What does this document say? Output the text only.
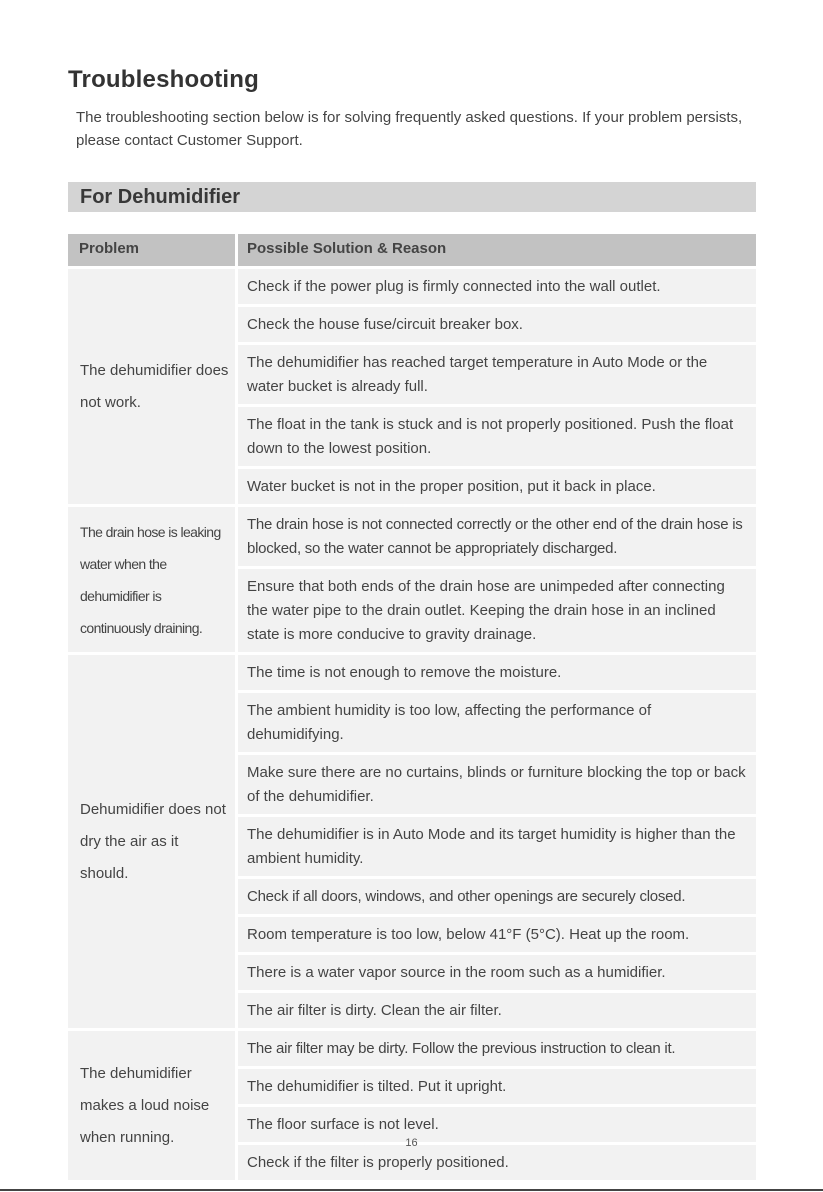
Troubleshooting
The troubleshooting section below is for solving frequently asked questions. If your problem persists, please contact Customer Support.
For Dehumidifier
Problem	Possible Solution & Reason
The dehumidifier does not work.
Check if the power plug is firmly connected into the wall outlet.
Check the house fuse/circuit breaker box.
The dehumidifier has reached target temperature in Auto Mode or the water bucket is already full.
The float in the tank is stuck and is not properly positioned. Push the float down to the lowest position.
Water bucket is not in the proper position, put it back in place.
The drain hose is leaking water when the dehumidifier is continuously draining.
The drain hose is not connected correctly or the other end of the drain hose is blocked, so the water cannot be appropriately discharged.
Ensure that both ends of the drain hose are unimpeded after connecting the water pipe to the drain outlet. Keeping the drain hose in an inclined state is more conducive to gravity drainage.
Dehumidifier does not dry the air as it should.
The time is not enough to remove the moisture.
The ambient humidity is too low, affecting the performance of dehumidifying.
Make sure there are no curtains, blinds or furniture blocking the top or back of the dehumidifier.
The dehumidifier is in Auto Mode and its target humidity is higher than the ambient humidity.
Check if all doors, windows, and other openings are securely closed.
Room temperature is too low, below 41°F (5°C). Heat up the room.
There is a water vapor source in the room such as a humidifier.
The air filter is dirty. Clean the air filter.
The dehumidifier makes a loud noise when running.
The air filter may be dirty. Follow the previous instruction to clean it.
The dehumidifier is tilted. Put it upright.
The floor surface is not level.
Check if the filter is properly positioned.
16
